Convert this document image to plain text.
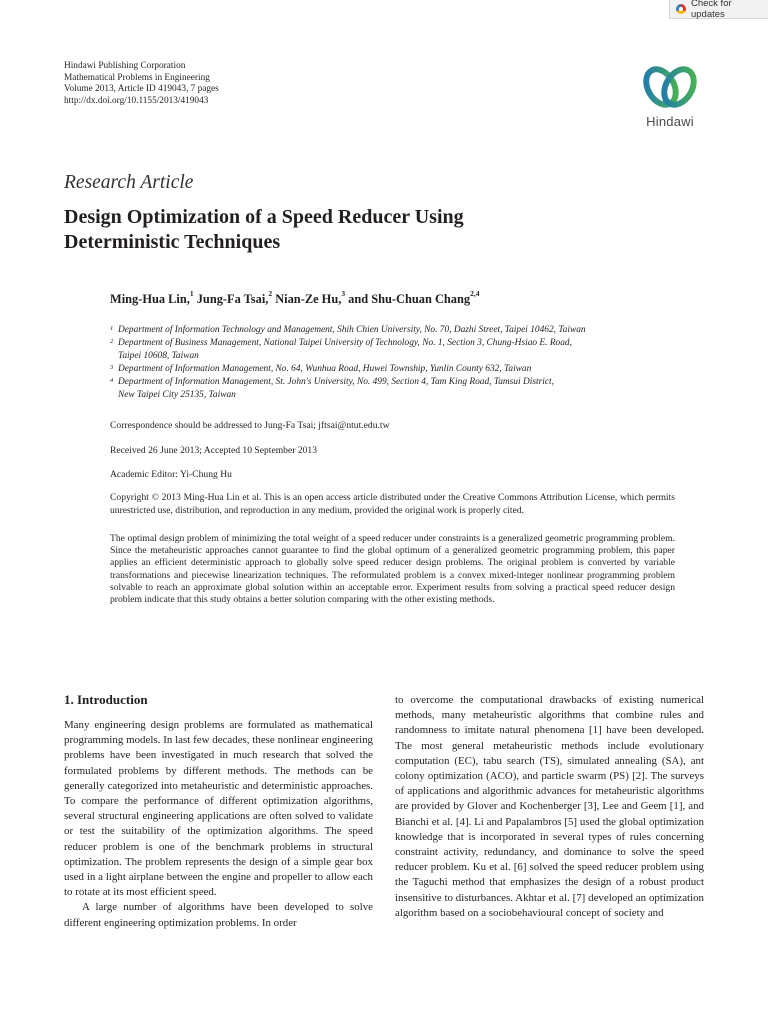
Check for updates
Hindawi Publishing Corporation
Mathematical Problems in Engineering
Volume 2013, Article ID 419043, 7 pages
http://dx.doi.org/10.1155/2013/419043
Hindawi
Research Article
Design Optimization of a Speed Reducer Using Deterministic Techniques
Ming-Hua Lin,$^1$ Jung-Fa Tsai,$^2$ Nian-Ze Hu,$^3$ and Shu-Chuan Chang$^{2,4}$
1 Department of Information Technology and Management, Shih Chien University, No. 70, Dazhi Street, Taipei 10462, Taiwan
2 Department of Business Management, National Taipei University of Technology, No. 1, Section 3, Chung-Hsiao E. Road,
Taipei 10608, Taiwan
3 Department of Information Management, No. 64, Wunhua Road, Huwei Township, Yunlin County 632, Taiwan
4 Department of Information Management, St. John's University, No. 499, Section 4, Tam King Road, Tamsui District,
New Taipei City 25135, Taiwan
Correspondence should be addressed to Jung-Fa Tsai; jftsai@ntut.edu.tw
Received 26 June 2013; Accepted 10 September 2013
Academic Editor: Yi-Chung Hu
Copyright © 2013 Ming-Hua Lin et al. This is an open access article distributed under the Creative Commons Attribution License, which permits unrestricted use, distribution, and reproduction in any medium, provided the original work is properly cited.
The optimal design problem of minimizing the total weight of a speed reducer under constraints is a generalized geometric programming problem. Since the metaheuristic approaches cannot guarantee to find the global optimum of a generalized geometric programming problem, this paper applies an efficient deterministic approach to globally solve speed reducer design problems. The original problem is converted by variable transformations and piecewise linearization techniques. The reformulated problem is a convex mixed-integer nonlinear programming problem solvable to reach an approximate global solution within an acceptable error. Experiment results from solving a practical speed reducer design problem indicate that this study obtains a better solution comparing with the other existing methods.
1. Introduction

Many engineering design problems are formulated as mathematical programming models. In last few decades, these nonlinear engineering problems have been investigated in much research that solved the formulated problems by different methods. The methods can be generally categorized into metaheuristic and deterministic approaches. To compare the performance of different optimization algorithms, several structural engineering applications are often solved to validate or test the suitability of the optimization algorithms. The speed reducer problem is one of the benchmark problems in structural optimization. The problem represents the design of a simple gear box used in a light airplane between the engine and propeller to allow each to rotate at its most efficient speed.

A large number of algorithms have been developed to solve different engineering optimization problems. In order

to overcome the computational drawbacks of existing numerical methods, many metaheuristic algorithms that combine rules and randomness to imitate natural phenomena [1] have been developed. The most general metaheuristic methods include evolutionary computation (EC), tabu search (TS), simulated annealing (SA), ant colony optimization (ACO), and particle swarm (PS) [2]. The surveys of applications and algorithmic advances for metaheuristic algorithms are provided by Glover and Kochenberger [3], Lee and Geem [1], and Bianchi et al. [4]. Li and Papalambros [5] used the global optimization knowledge that is incorporated in several types of rules concerning constraint activity, redundancy, and dominance to solve the speed reducer problem. Ku et al. [6] solved the speed reducer problem using the Taguchi method that emphasizes the design of a robust product insensitive to disturbances. Akhtar et al. [7] developed an optimization algorithm based on a sociobehavioural concept of society and
